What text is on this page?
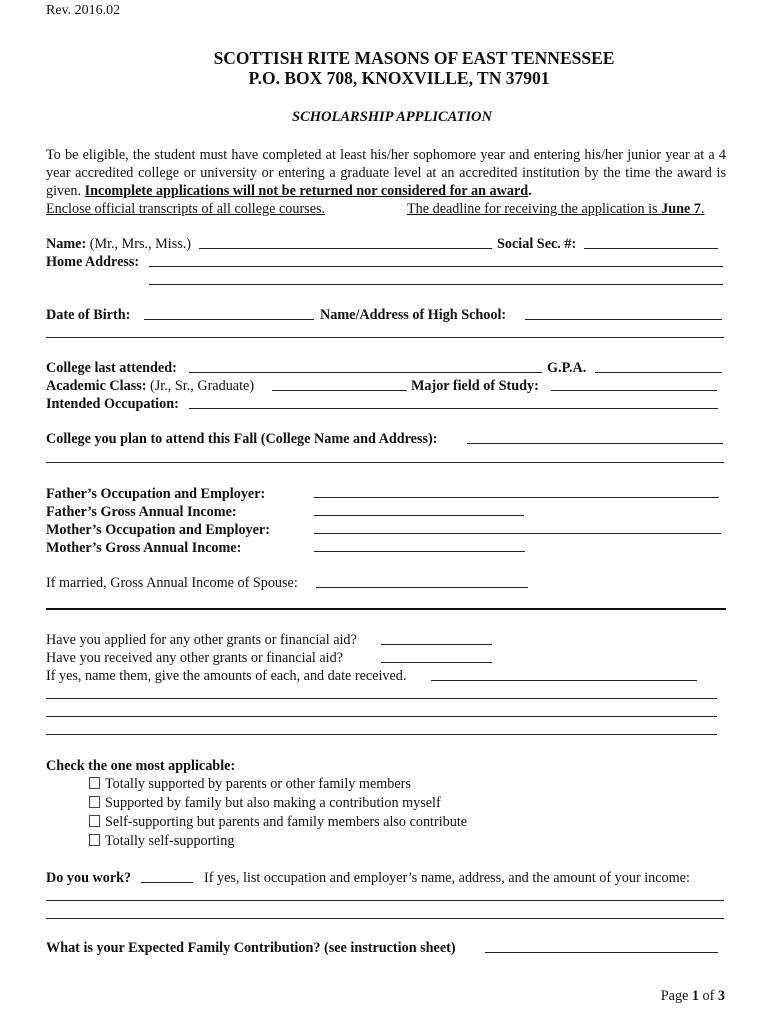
Rev. 2016.02
SCOTTISH RITE MASONS OF EAST TENNESSEE
P.O. BOX 708, KNOXVILLE, TN 37901
SCHOLARSHIP APPLICATION
To be eligible, the student must have completed at least his/her sophomore year and entering his/her junior year at a 4 year accredited college or university or entering a graduate level at an accredited institution by the time the award is given. Incomplete applications will not be returned nor considered for an award.
Enclose official transcripts of all college courses.	The deadline for receiving the application is June 7.
Name: (Mr., Mrs., Miss.)	Social Sec. #:
Home Address:
Date of Birth:	Name/Address of High School:
College last attended:	G.P.A.
Academic Class: (Jr., Sr., Graduate)	Major field of Study:
Intended Occupation:
College you plan to attend this Fall (College Name and Address):
Father’s Occupation and Employer:
Father’s Gross Annual Income:
Mother’s Occupation and Employer:
Mother’s Gross Annual Income:
If married, Gross Annual Income of Spouse:
Have you applied for any other grants or financial aid?
Have you received any other grants or financial aid?
If yes, name them, give the amounts of each, and date received.
Check the one most applicable:
Totally supported by parents or other family members
Supported by family but also making a contribution myself
Self-supporting but parents and family members also contribute
Totally self-supporting
Do you work?	If yes, list occupation and employer’s name, address, and the amount of your income:
What is your Expected Family Contribution? (see instruction sheet)
Page 1 of 3
